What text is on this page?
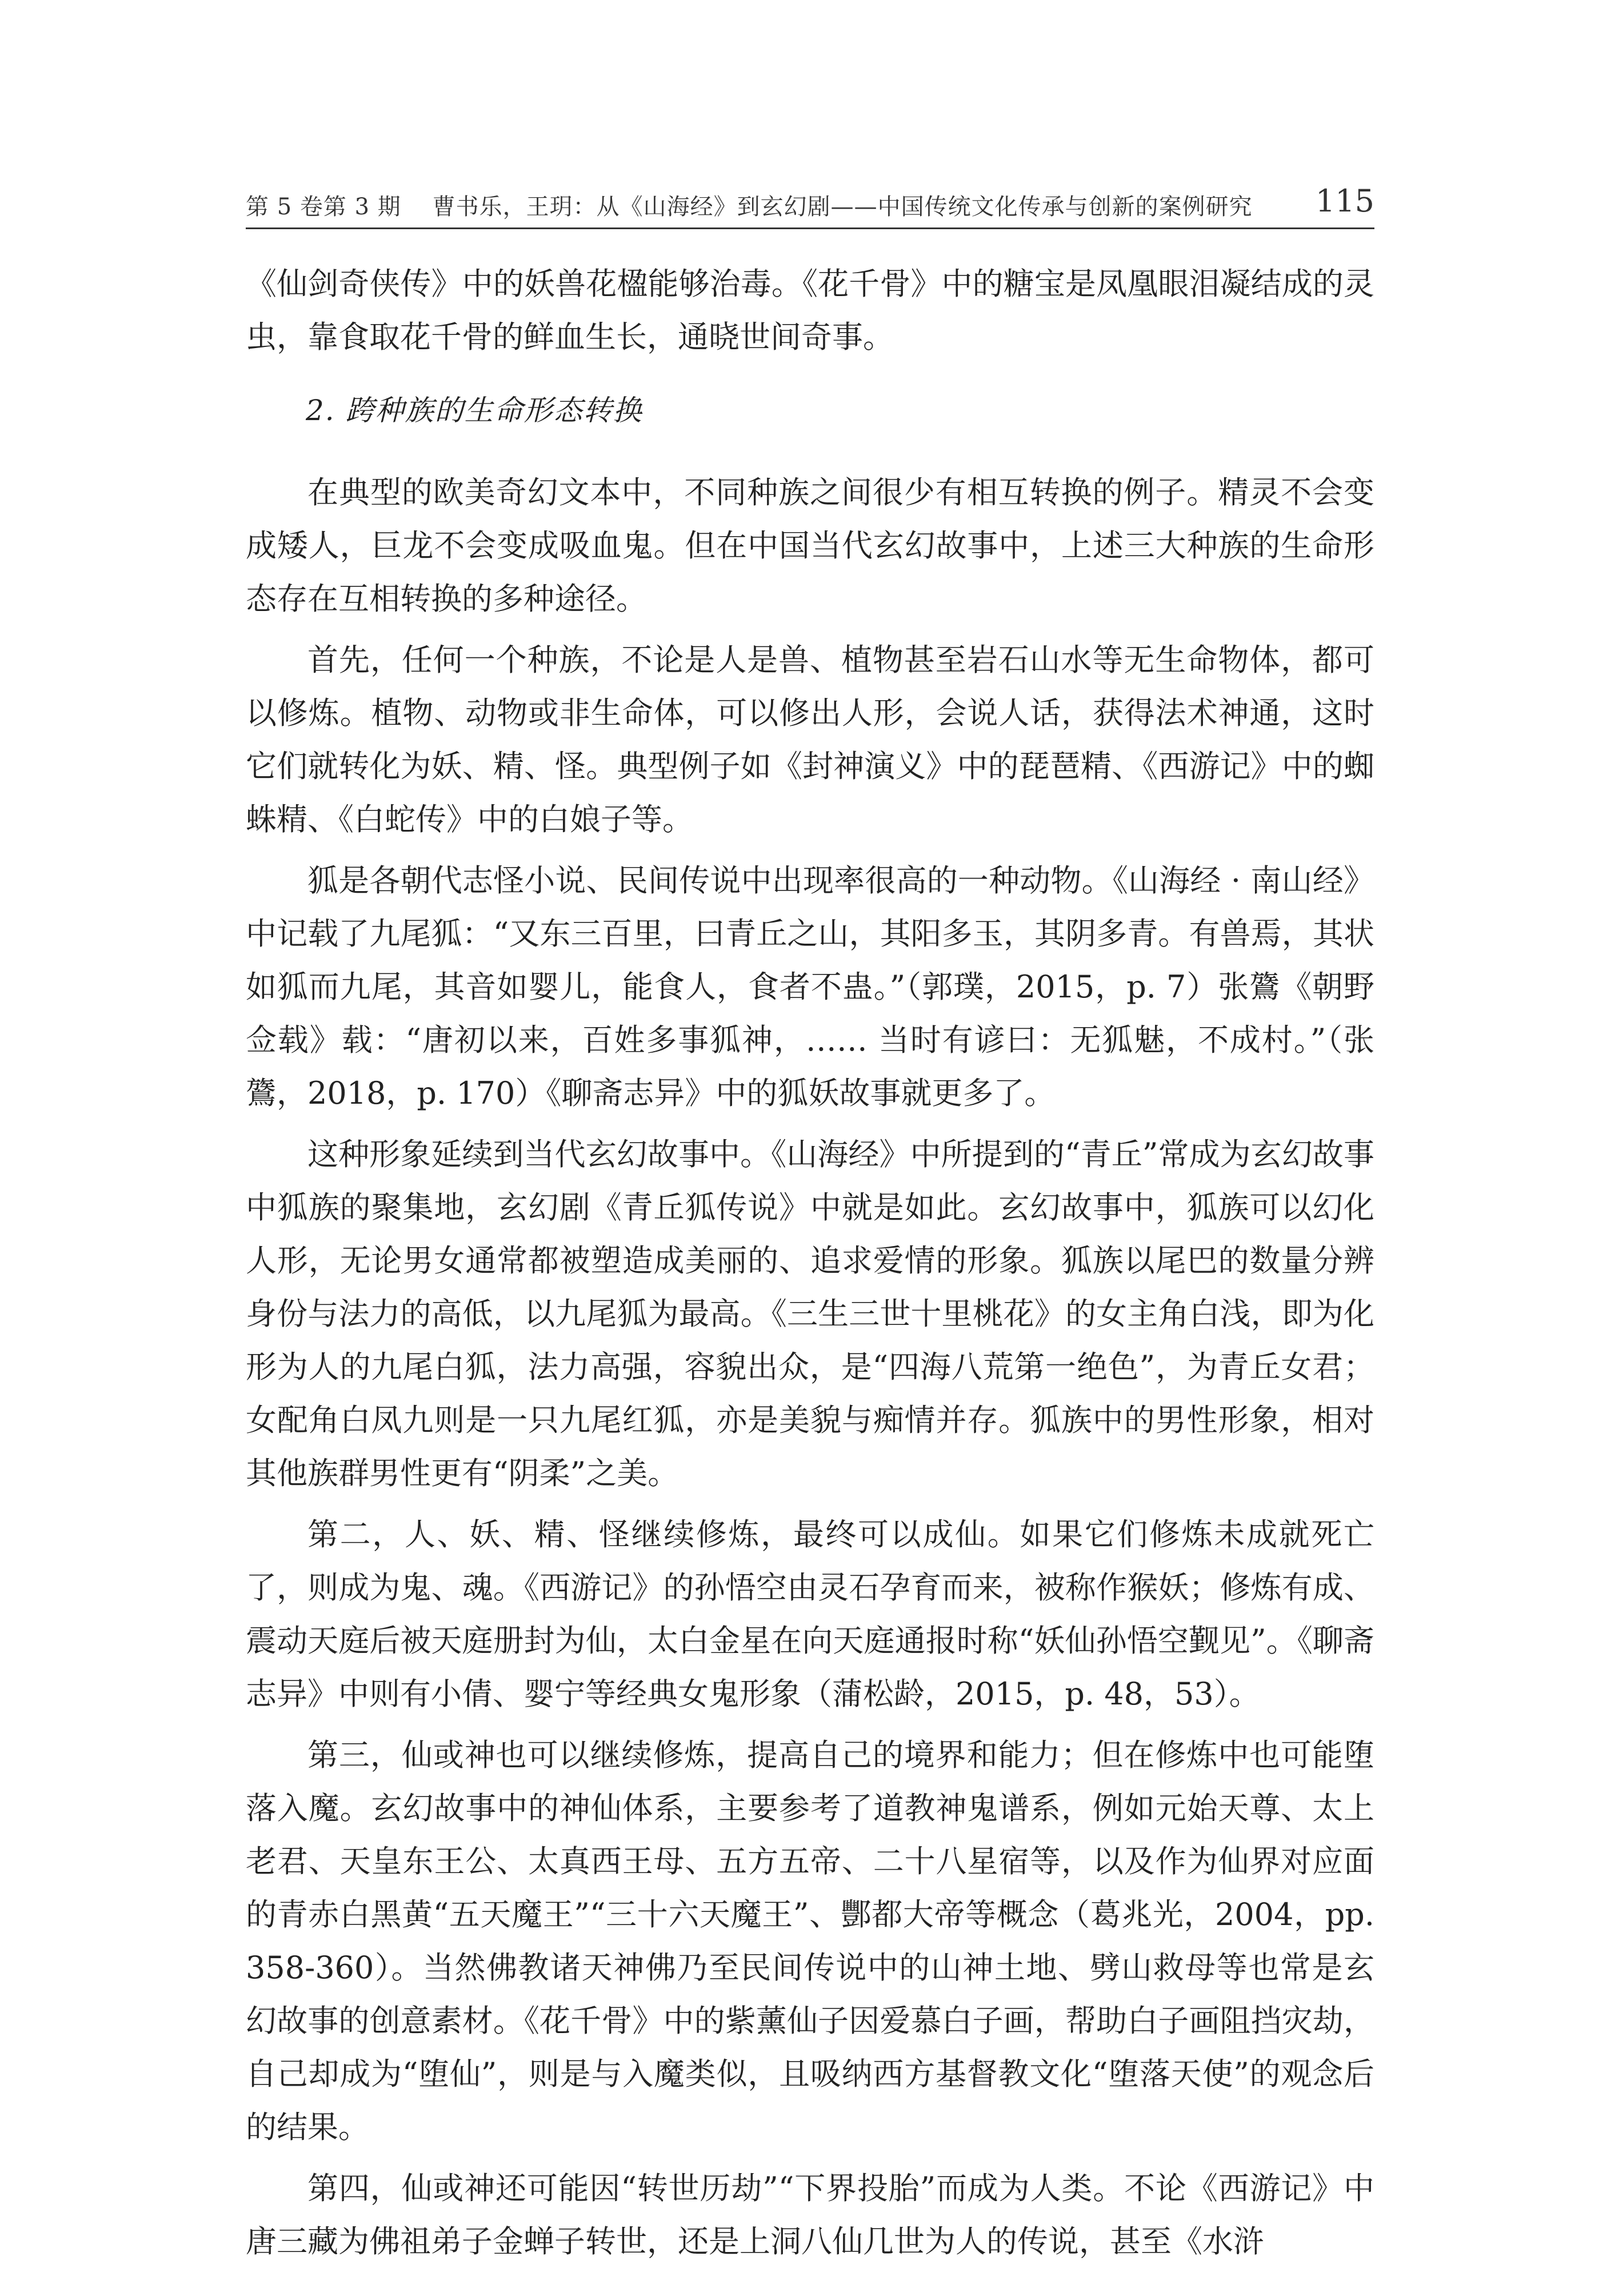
第 5 卷第 3 期 曹书乐，王玥：从《山海经》到玄幻剧——中国传统文化传承与创新的案例研究 115

《仙剑奇侠传》中的妖兽花楹能够治毒。《花千骨》中的糖宝是凤凰眼泪凝结成的灵虫，靠食取花千骨的鲜血生长，通晓世间奇事。

2. 跨种族的生命形态转换

在典型的欧美奇幻文本中，不同种族之间很少有相互转换的例子。精灵不会变成矮人，巨龙不会变成吸血鬼。但在中国当代玄幻故事中，上述三大种族的生命形态存在互相转换的多种途径。

首先，任何一个种族，不论是人是兽、植物甚至岩石山水等无生命物体，都可以修炼。植物、动物或非生命体，可以修出人形，会说人话，获得法术神通，这时它们就转化为妖、精、怪。典型例子如《封神演义》中的琵琶精、《西游记》中的蜘蛛精、《白蛇传》中的白娘子等。

狐是各朝代志怪小说、民间传说中出现率很高的一种动物。《山海经 · 南山经》中记载了九尾狐：“又东三百里，曰青丘之山，其阳多玉，其阴多青。有兽焉，其状如狐而九尾，其音如婴儿，能食人，食者不蛊。”（郭璞，2015，p. 7）张鷟《朝野佥载》载：“唐初以来，百姓多事狐神，…… 当时有谚曰：无狐魅，不成村。”（张鷟，2018，p. 170）《聊斋志异》中的狐妖故事就更多了。

这种形象延续到当代玄幻故事中。《山海经》中所提到的“青丘”常成为玄幻故事中狐族的聚集地，玄幻剧《青丘狐传说》中就是如此。玄幻故事中，狐族可以幻化人形，无论男女通常都被塑造成美丽的、追求爱情的形象。狐族以尾巴的数量分辨身份与法力的高低，以九尾狐为最高。《三生三世十里桃花》的女主角白浅，即为化形为人的九尾白狐，法力高强，容貌出众，是“四海八荒第一绝色”，为青丘女君；女配角白凤九则是一只九尾红狐，亦是美貌与痴情并存。狐族中的男性形象，相对其他族群男性更有“阴柔”之美。

第二，人、妖、精、怪继续修炼，最终可以成仙。如果它们修炼未成就死亡了，则成为鬼、魂。《西游记》的孙悟空由灵石孕育而来，被称作猴妖；修炼有成、震动天庭后被天庭册封为仙，太白金星在向天庭通报时称“妖仙孙悟空觐见”。《聊斋志异》中则有小倩、婴宁等经典女鬼形象（蒲松龄，2015，p. 48，53）。

第三，仙或神也可以继续修炼，提高自己的境界和能力；但在修炼中也可能堕落入魔。玄幻故事中的神仙体系，主要参考了道教神鬼谱系，例如元始天尊、太上老君、天皇东王公、太真西王母、五方五帝、二十八星宿等，以及作为仙界对应面的青赤白黑黄“五天魔王”“三十六天魔王”、酆都大帝等概念（葛兆光，2004，pp. 358-360）。当然佛教诸天神佛乃至民间传说中的山神土地、劈山救母等也常是玄幻故事的创意素材。《花千骨》中的紫薰仙子因爱慕白子画，帮助白子画阻挡灾劫，自己却成为“堕仙”，则是与入魔类似，且吸纳西方基督教文化“堕落天使”的观念后的结果。

第四，仙或神还可能因“转世历劫”“下界投胎”而成为人类。不论《西游记》中唐三藏为佛祖弟子金蝉子转世，还是上洞八仙几世为人的传说，甚至《水浒
